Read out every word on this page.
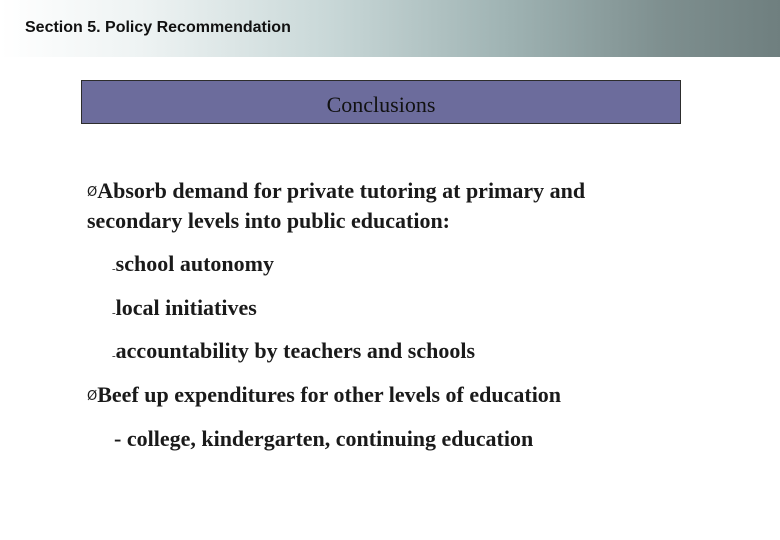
Section 5. Policy Recommendation
Conclusions
ØAbsorb demand for private tutoring at primary and
secondary levels into public education:
-school autonomy
-local initiatives
-accountability by teachers and schools
ØBeef up expenditures for other levels of education
- college, kindergarten, continuing education
